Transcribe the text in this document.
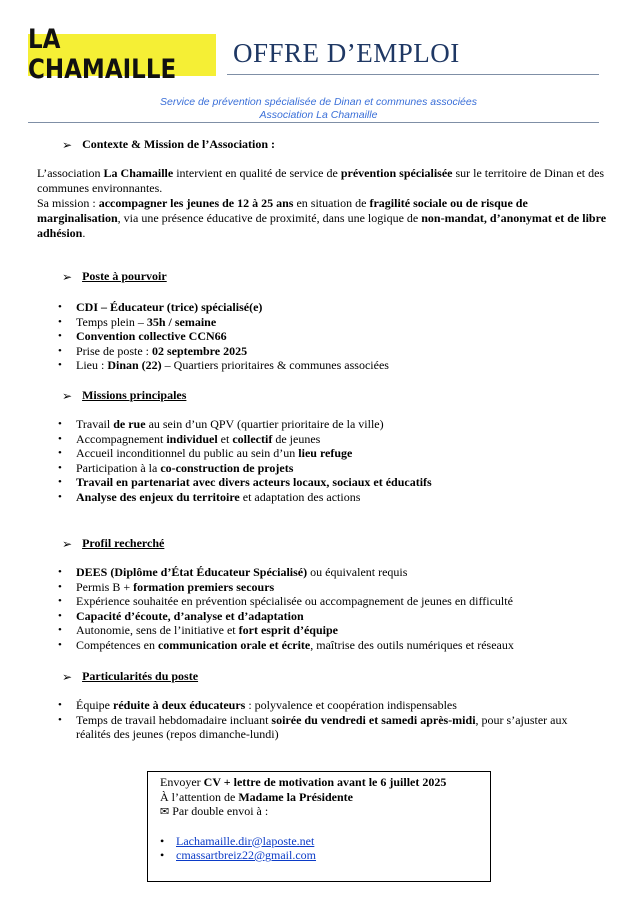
LA CHAMAILLE
OFFRE D’EMPLOI
Service de prévention spécialisée de Dinan et communes associées
Association La Chamaille
➢ Contexte & Mission de l’Association :
L’association La Chamaille intervient en qualité de service de prévention spécialisée sur le territoire de Dinan et des communes environnantes.
Sa mission : accompagner les jeunes de 12 à 25 ans en situation de fragilité sociale ou de risque de marginalisation, via une présence éducative de proximité, dans une logique de non-mandat, d’anonymat et de libre adhésion.
➢ Poste à pourvoir
• CDI – Éducateur (trice) spécialisé(e)
• Temps plein – 35h / semaine
• Convention collective CCN66
• Prise de poste : 02 septembre 2025
• Lieu : Dinan (22) – Quartiers prioritaires & communes associées
➢ Missions principales
• Travail de rue au sein d’un QPV (quartier prioritaire de la ville)
• Accompagnement individuel et collectif de jeunes
• Accueil inconditionnel du public au sein d’un lieu refuge
• Participation à la co-construction de projets
• Travail en partenariat avec divers acteurs locaux, sociaux et éducatifs
• Analyse des enjeux du territoire et adaptation des actions
➢ Profil recherché
• DEES (Diplôme d’État Éducateur Spécialisé) ou équivalent requis
• Permis B + formation premiers secours
• Expérience souhaitée en prévention spécialisée ou accompagnement de jeunes en difficulté
• Capacité d’écoute, d’analyse et d’adaptation
• Autonomie, sens de l’initiative et fort esprit d’équipe
• Compétences en communication orale et écrite, maîtrise des outils numériques et réseaux
➢ Particularités du poste
• Équipe réduite à deux éducateurs : polyvalence et coopération indispensables
• Temps de travail hebdomadaire incluant soirée du vendredi et samedi après-midi, pour s’ajuster aux réalités des jeunes (repos dimanche-lundi)
Envoyer CV + lettre de motivation avant le 6 juillet 2025
À l’attention de Madame la Présidente
✉ Par double envoi à :
• Lachamaille.dir@laposte.net
• cmassartbreiz22@gmail.com
